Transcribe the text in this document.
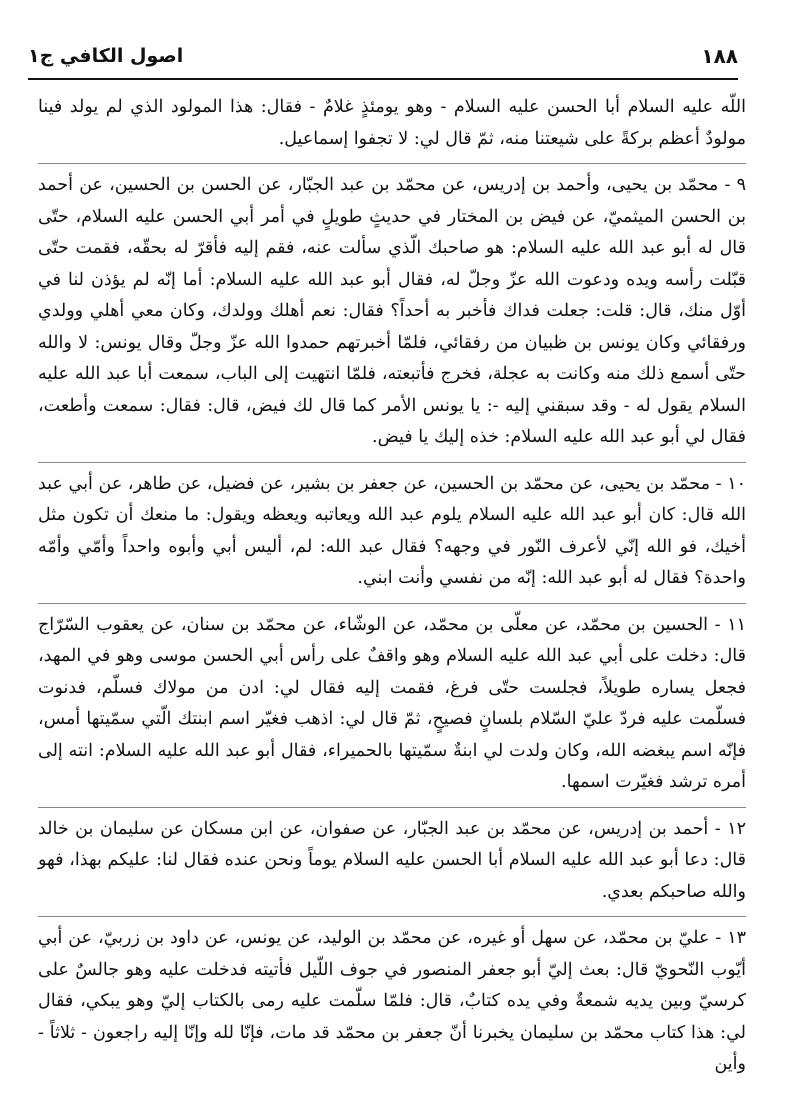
١٨٨
اصول الكافي ج١

اللّه عليه السلام أبا الحسن عليه السلام - وهو يومئذٍ غلامٌ - فقال: هذا المولود الذي لم يولد فينا مولودٌ أعظم بركةً على شيعتنا منه، ثمّ قال لي: لا تجفوا إسماعيل.

٩ - محمّد بن يحيى، وأحمد بن إدريس، عن محمّد بن عبد الجبّار، عن الحسن بن الحسين، عن أحمد بن الحسن الميثميّ، عن فيض بن المختار في حديثٍ طويلٍ في أمر أبي الحسن عليه السلام، حتّى قال له أبو عبد الله عليه السلام: هو صاحبك الّذي سألت عنه، فقم إليه فأقرّ له بحقّه، فقمت حتّى قبّلت رأسه ويده ودعوت الله عزّ وجلّ له، فقال أبو عبد الله عليه السلام: أما إنّه لم يؤذن لنا في أوّل منك، قال: قلت: جعلت فداك فأخبر به أحداً؟ فقال: نعم أهلك وولدك، وكان معي أهلي وولدي ورفقائي وكان يونس بن ظبيان من رفقائي، فلمّا أخبرتهم حمدوا الله عزّ وجلّ وقال يونس: لا والله حتّى أسمع ذلك منه وكانت به عجلة، فخرج فأتبعته، فلمّا انتهيت إلى الباب، سمعت أبا عبد الله عليه السلام يقول له - وقد سبقني إليه -: يا يونس الأمر كما قال لك فيض، قال: فقال: سمعت وأطعت، فقال لي أبو عبد الله عليه السلام: خذه إليك يا فيض.

١٠ - محمّد بن يحيى، عن محمّد بن الحسين، عن جعفر بن بشير، عن فضيل، عن طاهر، عن أبي عبد الله قال: كان أبو عبد الله عليه السلام يلوم عبد الله ويعاتبه ويعظه ويقول: ما منعك أن تكون مثل أخيك، فو الله إنّي لأعرف النّور في وجهه؟ فقال عبد الله: لم، أليس أبي وأبوه واحداً وأمّي وأمّه واحدة؟ فقال له أبو عبد الله: إنّه من نفسي وأنت ابني.

١١ - الحسين بن محمّد، عن معلّى بن محمّد، عن الوشّاء، عن محمّد بن سنان، عن يعقوب السّرّاج قال: دخلت على أبي عبد الله عليه السلام وهو واقفٌ على رأس أبي الحسن موسى وهو في المهد، فجعل يساره طويلاً، فجلست حتّى فرغ، فقمت إليه فقال لي: ادن من مولاك فسلّم، فدنوت فسلّمت عليه فردّ عليّ السّلام بلسانٍ فصيحٍ، ثمّ قال لي: اذهب فغيّر اسم ابنتك الّتي سمّيتها أمس، فإنّه اسم يبغضه الله، وكان ولدت لي ابنةٌ سمّيتها بالحميراء، فقال أبو عبد الله عليه السلام: انته إلى أمره ترشد فغيّرت اسمها.

١٢ - أحمد بن إدريس، عن محمّد بن عبد الجبّار، عن صفوان، عن ابن مسكان عن سليمان بن خالد قال: دعا أبو عبد الله عليه السلام أبا الحسن عليه السلام يوماً ونحن عنده فقال لنا: عليكم بهذا، فهو والله صاحبكم بعدي.

١٣ - عليّ بن محمّد، عن سهل أو غيره، عن محمّد بن الوليد، عن يونس، عن داود بن زربيّ، عن أبي أيّوب النّحويّ قال: بعث إليّ أبو جعفر المنصور في جوف اللّيل فأتيته فدخلت عليه وهو جالسٌ على كرسيّ وبين يديه شمعةٌ وفي يده كتابٌ، قال: فلمّا سلّمت عليه رمى بالكتاب إليّ وهو يبكي، فقال لي: هذا كتاب محمّد بن سليمان يخبرنا أنّ جعفر بن محمّد قد مات، فإنّا لله وإنّا إليه راجعون - ثلاثاً - وأين
